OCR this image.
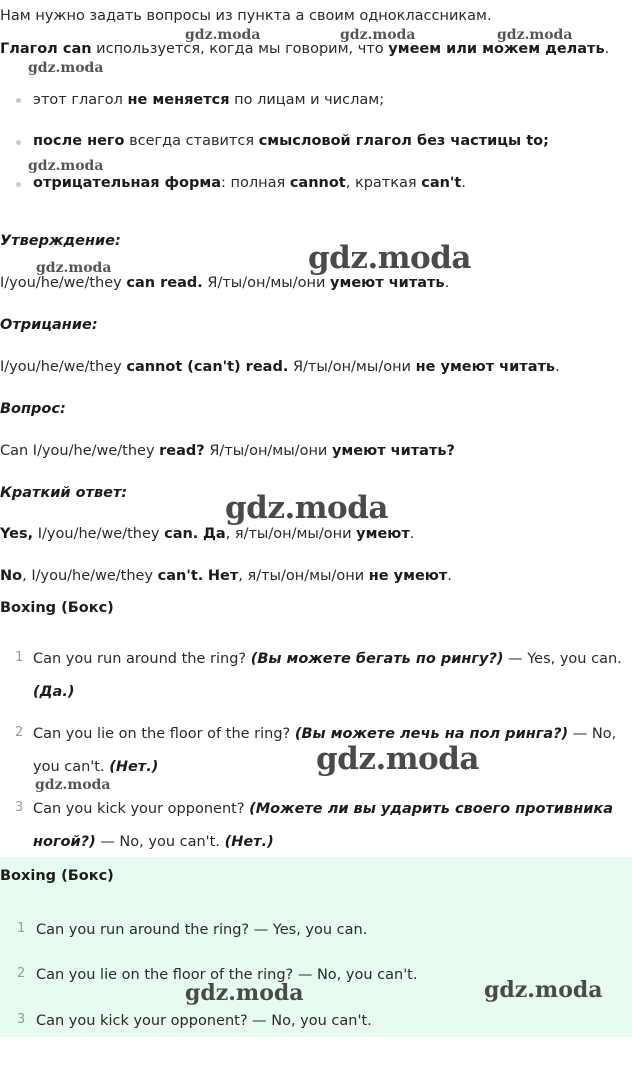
Нам нужно задать вопросы из пункта а своим одноклассникам.
Глагол can используется, когда мы говорим, что умеем или можем делать.
этот глагол не меняется по лицам и числам;
после него всегда ставится смысловой глагол без частицы to;
отрицательная форма: полная cannot, краткая can't.
Утверждение:
I/you/he/we/they can read. Я/ты/он/мы/они умеют читать.
Отрицание:
I/you/he/we/they cannot (can't) read. Я/ты/он/мы/они не умеют читать.
Вопрос:
Can I/you/he/we/they read? Я/ты/он/мы/они умеют читать?
Краткий ответ:
Yes, I/you/he/we/they can. Да, я/ты/он/мы/они умеют.
No, I/you/he/we/they can't. Нет, я/ты/он/мы/они не умеют.
Boxing (Бокс)
1 Can you run around the ring? (Вы можете бегать по рингу?) — Yes, you can.
(Да.)
2 Can you lie on the floor of the ring? (Вы можете лечь на пол ринга?) — No,
you can't. (Нет.)
3 Can you kick your opponent? (Можете ли вы ударить своего противника
ногой?) — No, you can't. (Нет.)
Boxing (Бокс)
1 Can you run around the ring? — Yes, you can.
2 Can you lie on the floor of the ring? — No, you can't.
3 Can you kick your opponent? — No, you can't.
gdz.moda	gdz.moda	gdz.moda
gdz.moda
gdz.moda
gdz.moda
gdz.moda
gdz.moda
gdz.moda
gdz.moda
gdz.moda	gdz.moda
